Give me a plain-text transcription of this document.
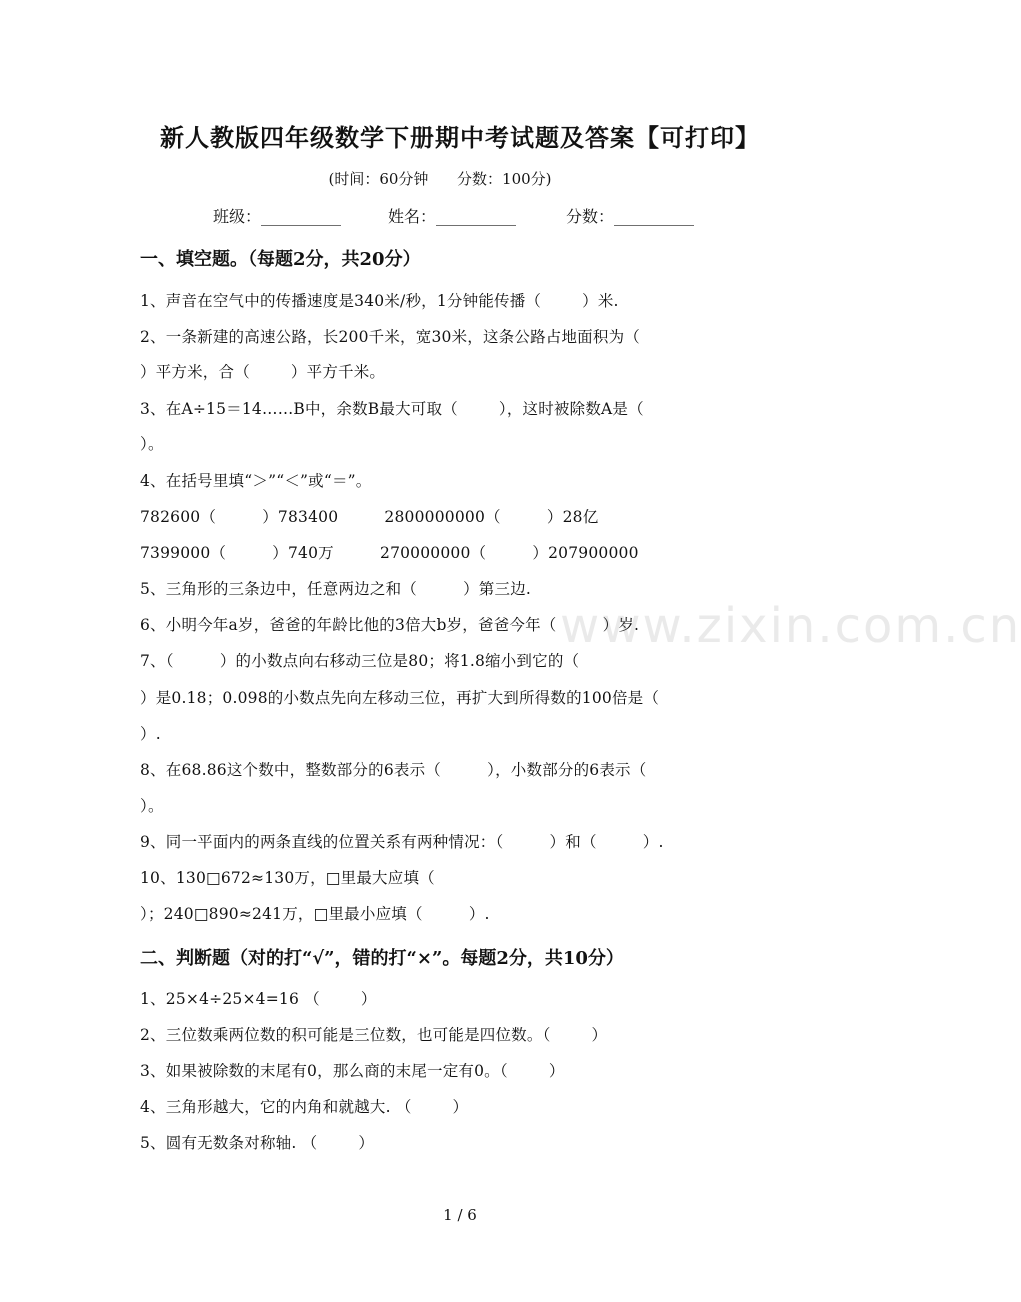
新人教版四年级数学下册期中考试题及答案【可打印】
(时间：60分钟      分数：100分)
班级：__________	姓名：__________	分数：__________
一、填空题。（每题2分，共20分）
1、声音在空气中的传播速度是340米/秒，1分钟能传播（        ）米.
2、一条新建的高速公路，长200千米，宽30米，这条公路占地面积为（
）平方米，合（        ）平方千米。
3、在A÷15＝14……B中，余数B最大可取（        ），这时被除数A是（
）。
4、在括号里填“＞”“＜”或“＝”。
782600（         ）783400         2800000000（         ）28亿
7399000（         ）740万         270000000（         ）207900000
5、三角形的三条边中，任意两边之和（         ）第三边.
6、小明今年a岁，爸爸的年龄比他的3倍大b岁，爸爸今年（         ）岁.
7、（         ）的小数点向右移动三位是80；将1.8缩小到它的（
）是0.18；0.098的小数点先向左移动三位，再扩大到所得数的100倍是（
）.
8、在68.86这个数中，整数部分的6表示（         ），小数部分的6表示（
）。
9、同一平面内的两条直线的位置关系有两种情况：（         ）和（         ）.
10、130□672≈130万，□里最大应填（
）；240□890≈241万，□里最小应填（         ）.
二、判断题（对的打“√”，错的打“×”。每题2分，共10分）
1、25×4÷25×4=16 （        ）
2、三位数乘两位数的积可能是三位数，也可能是四位数。（        ）
3、如果被除数的末尾有0，那么商的末尾一定有0。（        ）
4、三角形越大，它的内角和就越大. （        ）
5、圆有无数条对称轴. （        ）
www.zixin.com.cn
1 / 6
